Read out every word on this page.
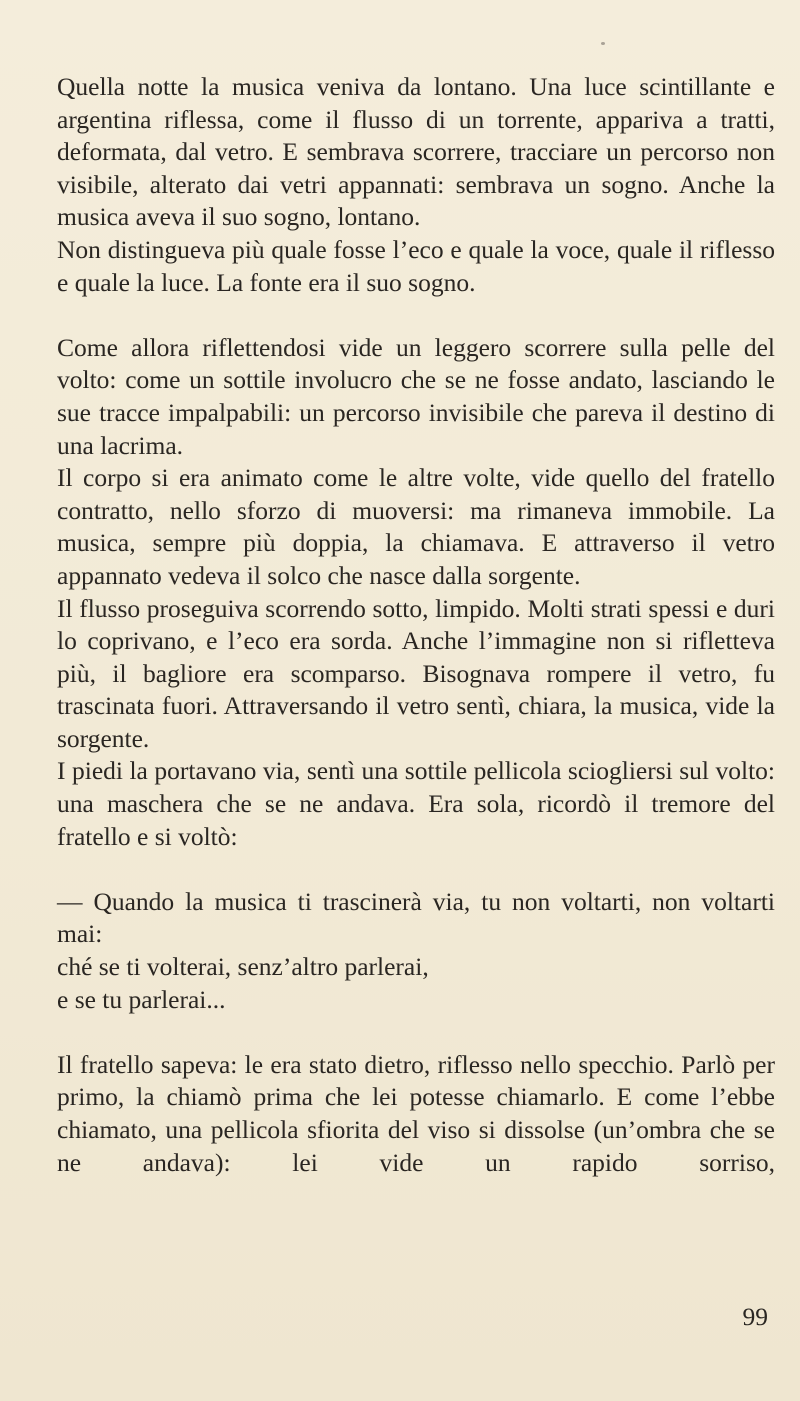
Quella notte la musica veniva da lontano. Una luce scintillante e argentina riflessa, come il flusso di un torrente, appariva a tratti, deformata, dal vetro. E sembrava scorrere, tracciare un percorso non visibile, alterato dai vetri appannati: sembrava un sogno. Anche la musica aveva il suo sogno, lontano.

Non distingueva più quale fosse l’eco e quale la voce, quale il riflesso e quale la luce. La fonte era il suo sogno.

Come allora riflettendosi vide un leggero scorrere sulla pelle del volto: come un sottile involucro che se ne fosse andato, lasciando le sue tracce impalpabili: un percorso invisibile che pareva il destino di una lacrima.

Il corpo si era animato come le altre volte, vide quello del fratello contratto, nello sforzo di muoversi: ma rimaneva immobile. La musica, sempre più doppia, la chiamava. E attraverso il vetro appannato vedeva il solco che nasce dalla sorgente.

Il flusso proseguiva scorrendo sotto, limpido. Molti strati spessi e duri lo coprivano, e l’eco era sorda. Anche l’immagine non si rifletteva più, il bagliore era scomparso. Bisognava rompere il vetro, fu trascinata fuori. Attraversando il vetro sentì, chiara, la musica, vide la sorgente.

I piedi la portavano via, sentì una sottile pellicola sciogliersi sul volto: una maschera che se ne andava. Era sola, ricordò il tremore del fratello e si voltò:

— Quando la musica ti trascinerà via, tu non voltarti, non voltarti mai:

ché se ti volterai, senz’altro parlerai,

e se tu parlerai...

Il fratello sapeva: le era stato dietro, riflesso nello specchio. Parlò per primo, la chiamò prima che lei potesse chiamarlo. E come l’ebbe chiamato, una pellicola sfiorita del viso si dissolse (un’ombra che se ne andava): lei vide un rapido sorriso,

99
